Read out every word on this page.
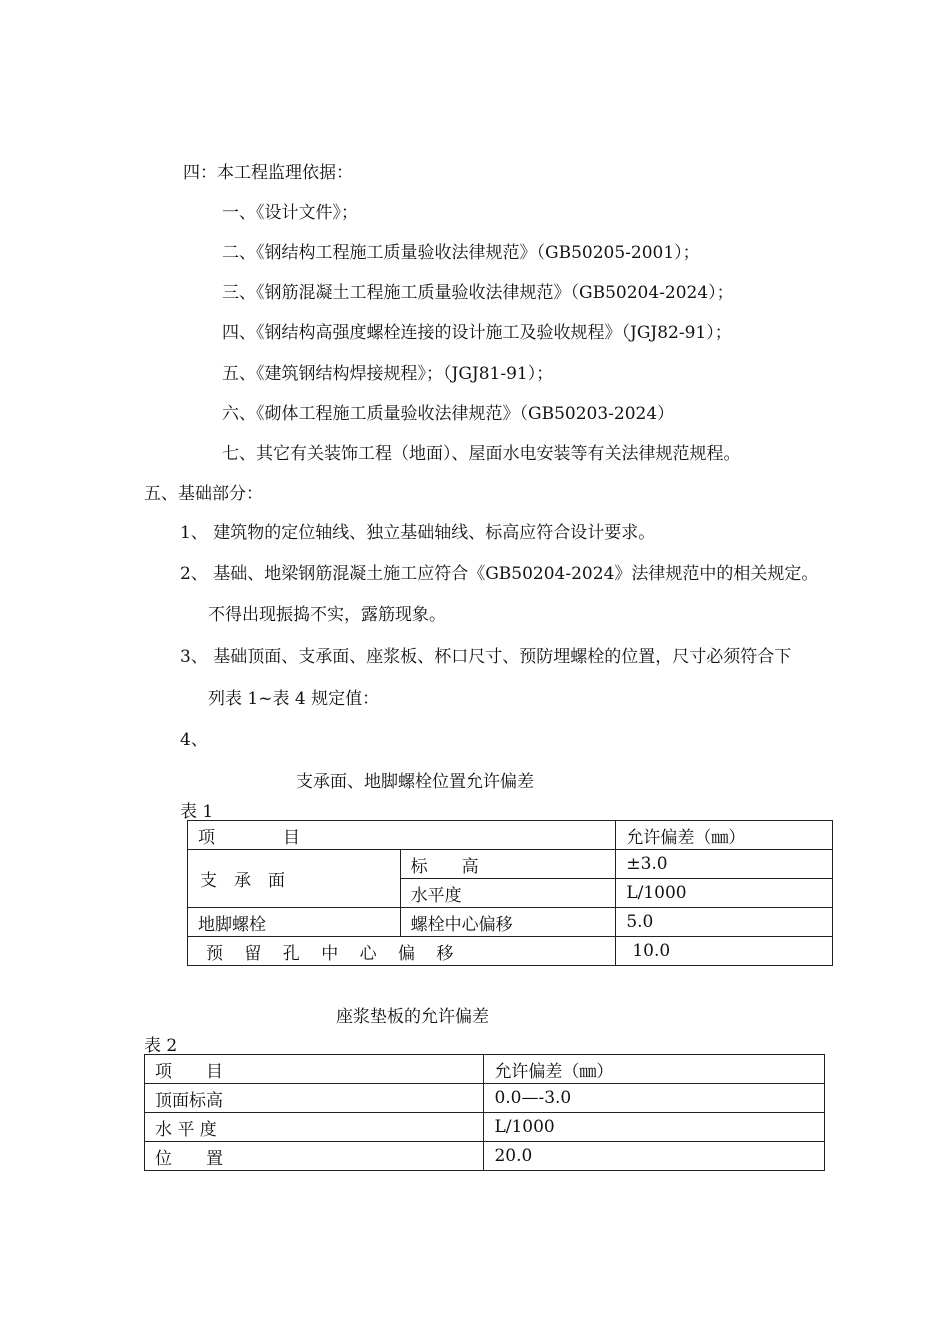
四：本工程监理依据：
一、《设计文件》；
二、《钢结构工程施工质量验收法律规范》（GB50205-2001）；
三、《钢筋混凝土工程施工质量验收法律规范》（GB50204-2024）；
四、《钢结构高强度螺栓连接的设计施工及验收规程》（JGJ82-91）；
五、《建筑钢结构焊接规程》；（JGJ81-91）；
六、《砌体工程施工质量验收法律规范》（GB50203-2024）
七、其它有关装饰工程（地面）、屋面水电安装等有关法律规范规程。
五、基础部分：
1、 建筑物的定位轴线、独立基础轴线、标高应符合设计要求。
2、 基础、地梁钢筋混凝土施工应符合《GB50204-2024》法律规范中的相关规定。
不得出现振捣不实，露筋现象。
3、 基础顶面、支承面、座浆板、杯口尺寸、预防埋螺栓的位置，尺寸必须符合下
列表 1~表 4 规定值：
4、
支承面、地脚螺栓位置允许偏差
表 1
项　　　　目		允许偏差（㎜）
支　承　面	标　　高	±3.0
	水平度	L/1000
地脚螺栓	螺栓中心偏移	5.0
预 留 孔 中 心 偏 移		10.0
座浆垫板的允许偏差
表 2
项　　目	允许偏差（㎜）
顶面标高	0.0—-3.0
水 平 度	L/1000
位　　置	20.0
